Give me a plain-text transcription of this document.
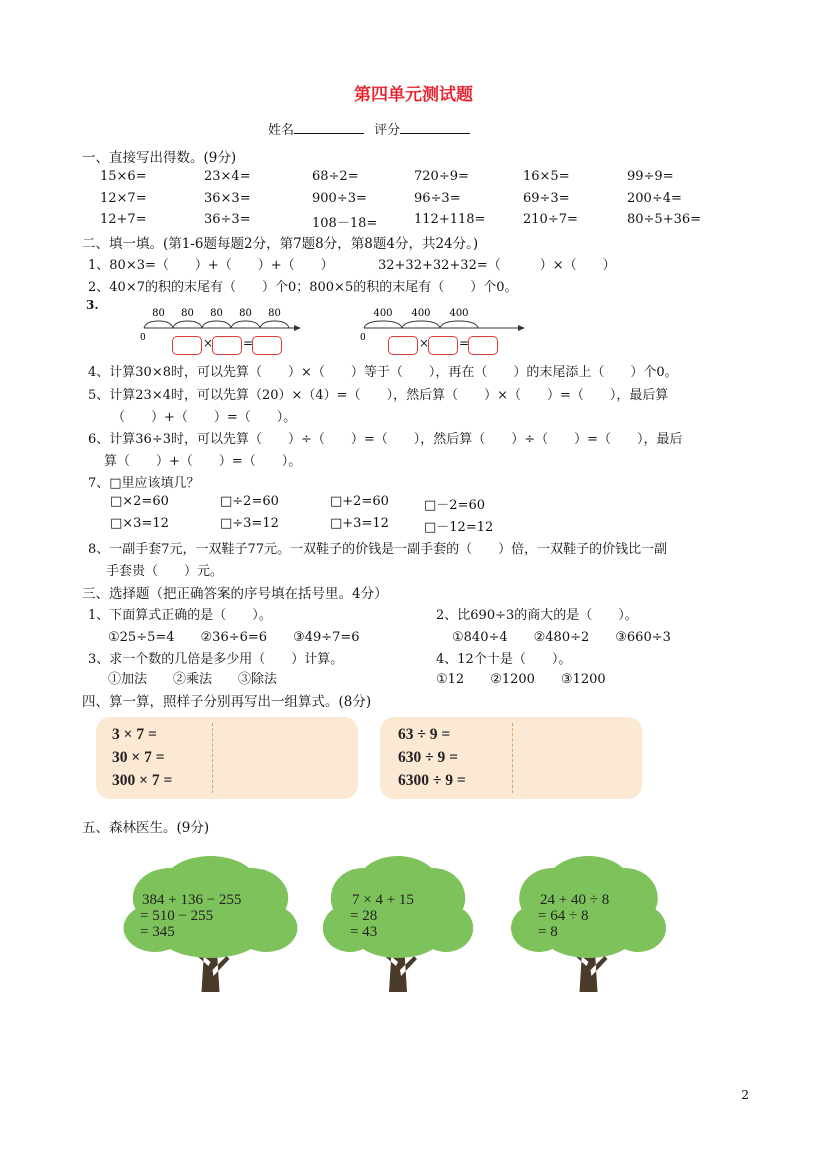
第四单元测试题
姓名	评分
一、直接写出得数。(9分)
15×6=	23×4=	68÷2=	720÷9=	16×5=	99÷9=
12×7=	36×3=	900÷3=	96÷3=	69÷3=	200÷4=
12+7=	36÷3=	108－18=	112+118=	210÷7=	80÷5+36=
二、填一填。(第1-6题每题2分，第7题8分，第8题4分，共24分。)
1、80×3=（　　）+（　　）+（　　）	32+32+32+32=（　　　）×（　　）
2、40×7的积的末尾有（　　）个0；800×5的积的末尾有（　　）个0。
3.
0	0
80 80 80 80 80	400 400 400
× =	× =
4、计算30×8时，可以先算（　　）×（　　）等于（　　），再在（　　）的末尾添上（　　）个0。
5、计算23×4时，可以先算（20）×（4）=（　　），然后算（　　）×（　　）=（　　），最后算
（　　）+（　　）=（　　）。
6、计算36÷3时，可以先算（　　）÷（　　）=（　　），然后算（　　）÷（　　）=（　　），最后
算（　　）+（　　）=（　　）。
7、□里应该填几？
□×2=60	□÷2=60	□+2=60	□－2=60
□×3=12	□÷3=12	□+3=12	□－12=12
8、一副手套7元，一双鞋子77元。一双鞋子的价钱是一副手套的（　　）倍，一双鞋子的价钱比一副
手套贵（　　）元。
三、选择题（把正确答案的序号填在括号里。4分）
1、下面算式正确的是（　　）。	2、比690÷3的商大的是（　　）。
①25÷5=4　　②36÷6=6　　③49÷7=6	①840÷4　　②480÷2　　③660÷3
3、求一个数的几倍是多少用（　　）计算。	4、12个十是（　　）。
①加法　　②乘法　　③除法	①12　　②1200　　③1200
四、算一算，照样子分别再写出一组算式。(8分)
3 × 7 =
30 × 7 =
300 × 7 =
63 ÷ 9 =
630 ÷ 9 =
6300 ÷ 9 =
五、森林医生。(9分)
2
384 + 136 − 255
= 510 − 255
= 345
7 × 4 + 15
= 28
= 43
24 + 40 ÷ 8
= 64 ÷ 8
= 8
